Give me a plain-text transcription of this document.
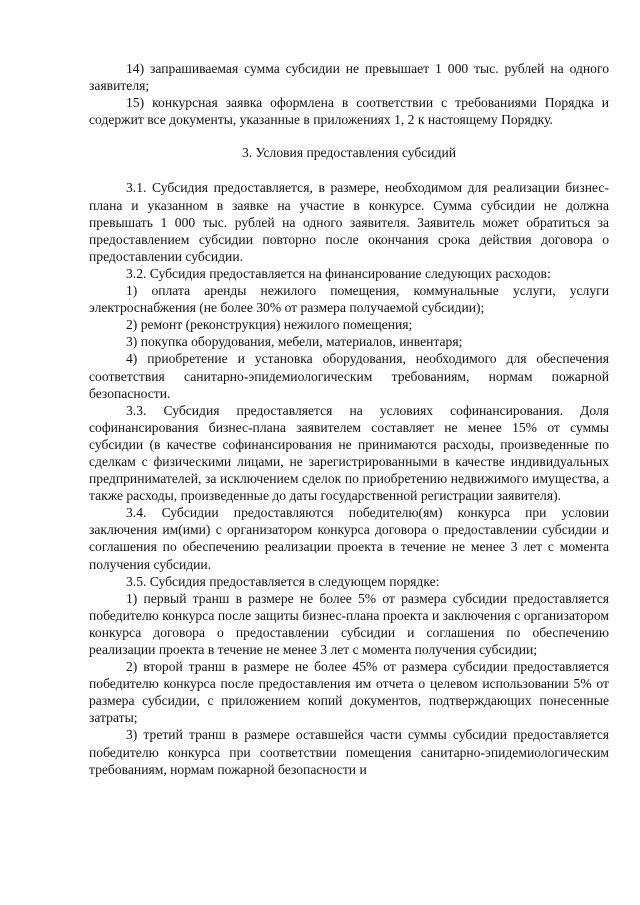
14) запрашиваемая сумма субсидии не превышает 1 000 тыс. рублей на одного заявителя;

15) конкурсная заявка оформлена в соответствии с требованиями Порядка и содержит все документы, указанные в приложениях 1, 2 к настоящему Порядку.

3. Условия предоставления субсидий

3.1. Субсидия предоставляется, в размере, необходимом для реализации бизнес-плана и указанном в заявке на участие в конкурсе. Сумма субсидии не должна превышать 1 000 тыс. рублей на одного заявителя. Заявитель может обратиться за предоставлением субсидии повторно после окончания срока действия договора о предоставлении субсидии.

3.2. Субсидия предоставляется на финансирование следующих расходов:

1) оплата аренды нежилого помещения, коммунальные услуги, услуги электроснабжения (не более 30% от размера получаемой субсидии);

2) ремонт (реконструкция) нежилого помещения;

3) покупка оборудования, мебели, материалов, инвентаря;

4) приобретение и установка оборудования, необходимого для обеспечения соответствия санитарно-эпидемиологическим требованиям, нормам пожарной безопасности.

3.3. Субсидия предоставляется на условиях софинансирования. Доля софинансирования бизнес-плана заявителем составляет не менее 15% от суммы субсидии (в качестве софинансирования не принимаются расходы, произведенные по сделкам с физическими лицами, не зарегистрированными в качестве индивидуальных предпринимателей, за исключением сделок по приобретению недвижимого имущества, а также расходы, произведенные до даты государственной регистрации заявителя).

3.4. Субсидии предоставляются победителю(ям) конкурса при условии заключения им(ими) с организатором конкурса договора о предоставлении субсидии и соглашения по обеспечению реализации проекта в течение не менее 3 лет с момента получения субсидии.

3.5. Субсидия предоставляется в следующем порядке:

1) первый транш в размере не более 5% от размера субсидии предоставляется победителю конкурса после защиты бизнес-плана проекта и заключения с организатором конкурса договора о предоставлении субсидии и соглашения по обеспечению реализации проекта в течение не менее 3 лет с момента получения субсидии;

2) второй транш в размере не более 45% от размера субсидии предоставляется победителю конкурса после предоставления им отчета о целевом использовании 5% от размера субсидии, с приложением копий документов, подтверждающих понесенные затраты;

3) третий транш в размере оставшейся части суммы субсидии предоставляется победителю конкурса при соответствии помещения санитарно-эпидемиологическим требованиям, нормам пожарной безопасности и
